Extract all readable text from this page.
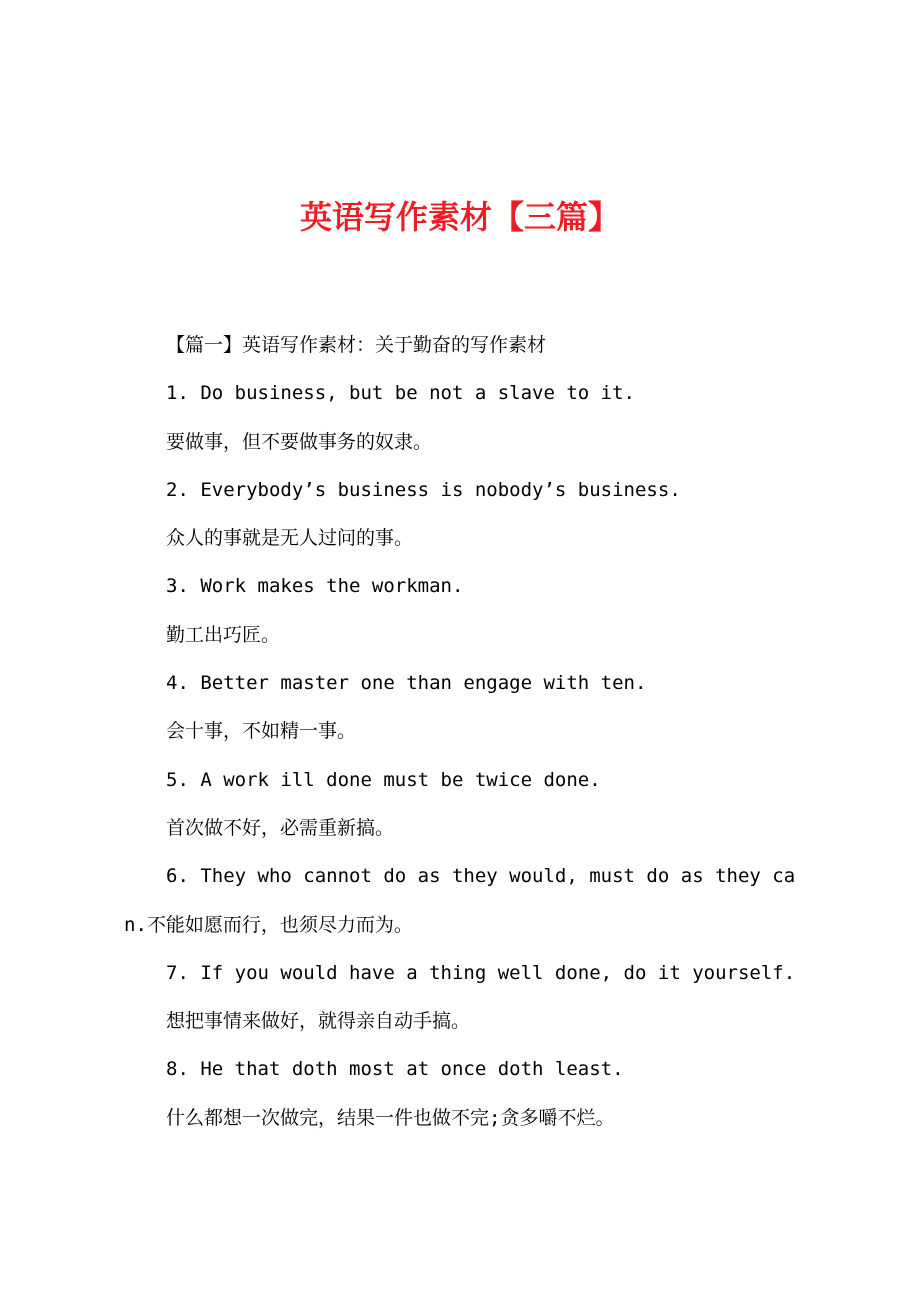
英语写作素材【三篇】

【篇一】英语写作素材：关于勤奋的写作素材

1. Do business, but be not a slave to it.

要做事，但不要做事务的奴隶。

2. Everybody’s business is nobody’s business.

众人的事就是无人过问的事。

3. Work makes the workman.

勤工出巧匠。

4. Better master one than engage with ten.

会十事，不如精一事。

5. A work ill done must be twice done.

首次做不好，必需重新搞。

6. They who cannot do as they would, must do as they can.不能如愿而行，也须尽力而为。

7. If you would have a thing well done, do it yourself.

想把事情来做好，就得亲自动手搞。

8. He that doth most at once doth least.

什么都想一次做完，结果一件也做不完;贪多嚼不烂。
